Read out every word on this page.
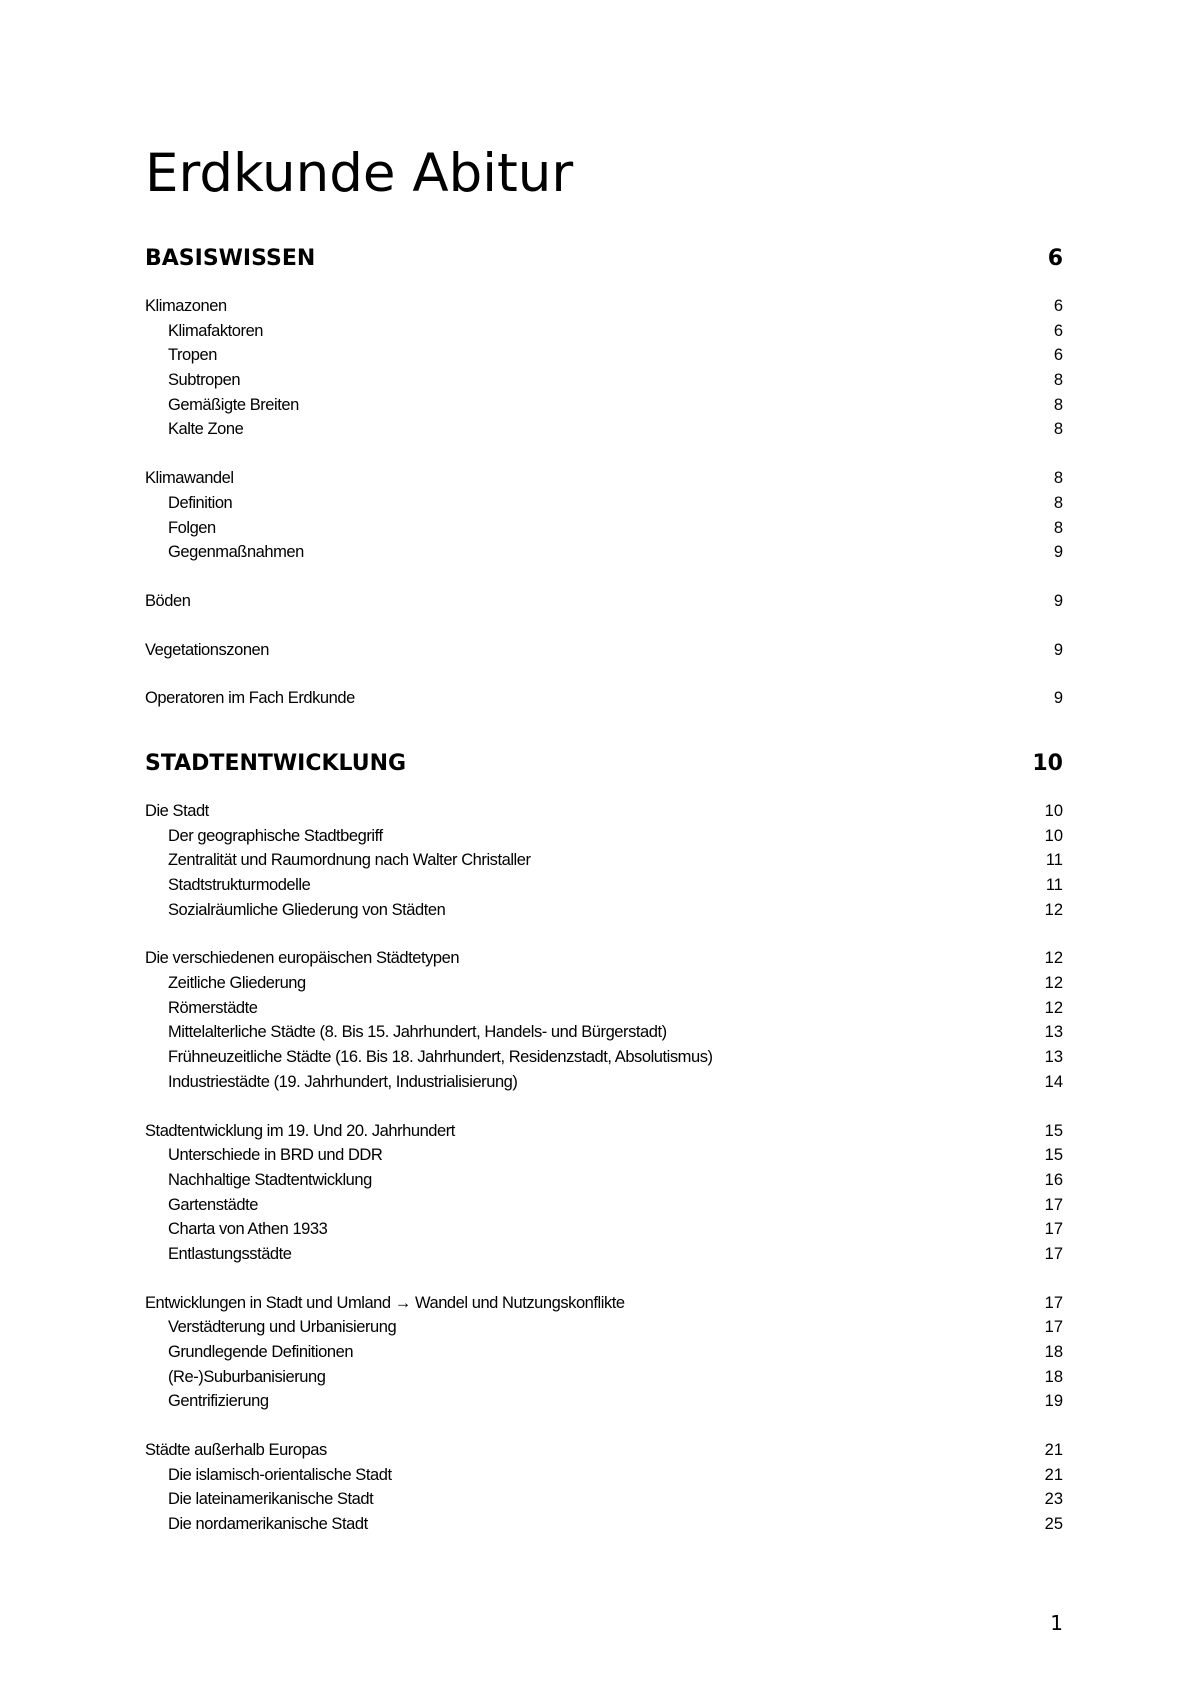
Erdkunde Abitur
BASISWISSEN	6
Klimazonen	6
Klimafaktoren	6
Tropen	6
Subtropen	8
Gemäßigte Breiten	8
Kalte Zone	8
Klimawandel	8
Definition	8
Folgen	8
Gegenmaßnahmen	9
Böden	9
Vegetationszonen	9
Operatoren im Fach Erdkunde	9
STADTENTWICKLUNG	10
Die Stadt	10
Der geographische Stadtbegriff	10
Zentralität und Raumordnung nach Walter Christaller	11
Stadtstrukturmodelle	11
Sozialräumliche Gliederung von Städten	12
Die verschiedenen europäischen Städtetypen	12
Zeitliche Gliederung	12
Römerstädte	12
Mittelalterliche Städte (8. Bis 15. Jahrhundert, Handels- und Bürgerstadt)	13
Frühneuzeitliche Städte (16. Bis 18. Jahrhundert, Residenzstadt, Absolutismus)	13
Industriestädte (19. Jahrhundert, Industrialisierung)	14
Stadtentwicklung im 19. Und 20. Jahrhundert	15
Unterschiede in BRD und DDR	15
Nachhaltige Stadtentwicklung	16
Gartenstädte	17
Charta von Athen 1933	17
Entlastungsstädte	17
Entwicklungen in Stadt und Umland → Wandel und Nutzungskonflikte	17
Verstädterung und Urbanisierung	17
Grundlegende Definitionen	18
(Re-)Suburbanisierung	18
Gentrifizierung	19
Städte außerhalb Europas	21
Die islamisch-orientalische Stadt	21
Die lateinamerikanische Stadt	23
Die nordamerikanische Stadt	25
1
